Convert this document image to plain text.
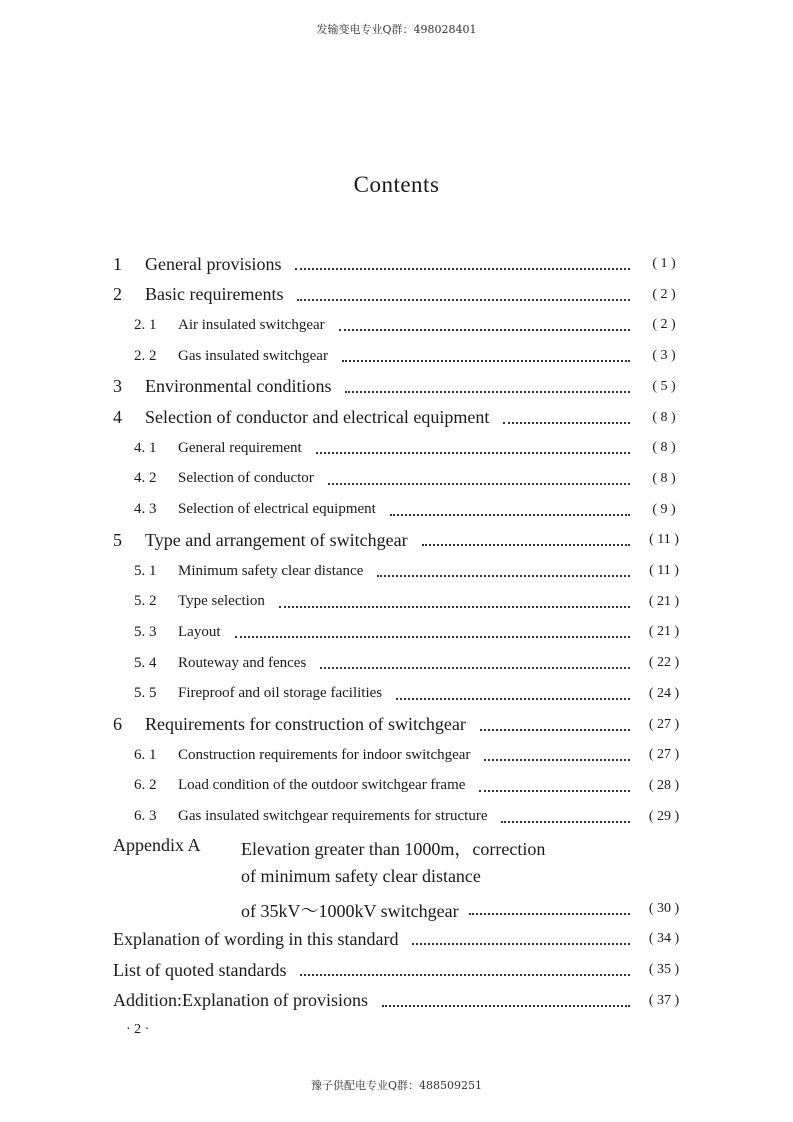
发输变电专业Q群：498028401
Contents
1 General provisions	( 1 )
2 Basic requirements	( 2 )
2. 1 Air insulated switchgear	( 2 )
2. 2 Gas insulated switchgear	( 3 )
3 Environmental conditions	( 5 )
4 Selection of conductor and electrical equipment	( 8 )
4. 1 General requirement	( 8 )
4. 2 Selection of conductor	( 8 )
4. 3 Selection of electrical equipment	( 9 )
5 Type and arrangement of switchgear	( 11 )
5. 1 Minimum safety clear distance	( 11 )
5. 2 Type selection	( 21 )
5. 3 Layout	( 21 )
5. 4 Routeway and fences	( 22 )
5. 5 Fireproof and oil storage facilities	( 24 )
6 Requirements for construction of switchgear	( 27 )
6. 1 Construction requirements for indoor switchgear	( 27 )
6. 2 Load condition of the outdoor switchgear frame	( 28 )
6. 3 Gas insulated switchgear requirements for structure	( 29 )
Appendix A Elevation greater than 1000m，correction
of minimum safety clear distance
of 35kV～1000kV switchgear	( 30 )
Explanation of wording in this standard	( 34 )
List of quoted standards	( 35 )
Addition:Explanation of provisions	( 37 )
· 2 ·
豫子供配电专业Q群：488509251
